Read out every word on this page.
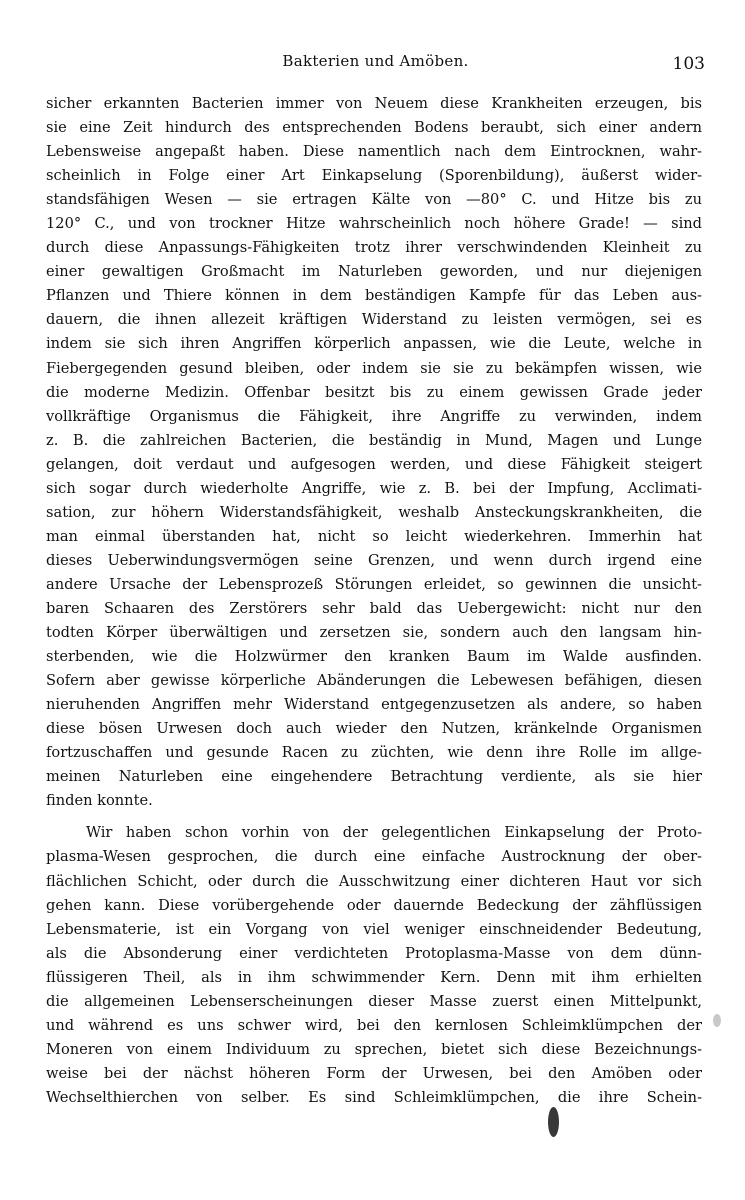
Bakterien und Amöben.	103
sicher erkannten Bacterien immer von Neuem diese Krankheiten erzeugen, bis
sie eine Zeit hindurch des entsprechenden Bodens beraubt, sich einer andern
Lebensweise angepaßt haben. Diese namentlich nach dem Eintrocknen, wahr-
scheinlich in Folge einer Art Einkapselung (Sporenbildung), äußerst wider-
standsfähigen Wesen — sie ertragen Kälte von —80° C. und Hitze bis zu
120° C., und von trockner Hitze wahrscheinlich noch höhere Grade! — sind
durch diese Anpassungs-Fähigkeiten trotz ihrer verschwindenden Kleinheit zu
einer gewaltigen Großmacht im Naturleben geworden, und nur diejenigen
Pflanzen und Thiere können in dem beständigen Kampfe für das Leben aus-
dauern, die ihnen allezeit kräftigen Widerstand zu leisten vermögen, sei es
indem sie sich ihren Angriffen körperlich anpassen, wie die Leute, welche in
Fiebergegenden gesund bleiben, oder indem sie sie zu bekämpfen wissen, wie
die moderne Medizin. Offenbar besitzt bis zu einem gewissen Grade jeder
vollkräftige Organismus die Fähigkeit, ihre Angriffe zu verwinden, indem
z. B. die zahlreichen Bacterien, die beständig in Mund, Magen und Lunge
gelangen, doit verdaut und aufgesogen werden, und diese Fähigkeit steigert
sich sogar durch wiederholte Angriffe, wie z. B. bei der Impfung, Acclimati-
sation, zur höhern Widerstandsfähigkeit, weshalb Ansteckungskrankheiten, die
man einmal überstanden hat, nicht so leicht wiederkehren. Immerhin hat
dieses Ueberwindungsvermögen seine Grenzen, und wenn durch irgend eine
andere Ursache der Lebensprozeß Störungen erleidet, so gewinnen die unsicht-
baren Schaaren des Zerstörers sehr bald das Uebergewicht: nicht nur den
todten Körper überwältigen und zersetzen sie, sondern auch den langsam hin-
sterbenden, wie die Holzwürmer den kranken Baum im Walde ausfinden.
Sofern aber gewisse körperliche Abänderungen die Lebewesen befähigen, diesen
nieruhenden Angriffen mehr Widerstand entgegenzusetzen als andere, so haben
diese bösen Urwesen doch auch wieder den Nutzen, kränkelnde Organismen
fortzuschaffen und gesunde Racen zu züchten, wie denn ihre Rolle im allge-
meinen Naturleben eine eingehendere Betrachtung verdiente, als sie hier
finden konnte.
Wir haben schon vorhin von der gelegentlichen Einkapselung der Proto-
plasma-Wesen gesprochen, die durch eine einfache Austrocknung der ober-
flächlichen Schicht, oder durch die Ausschwitzung einer dichteren Haut vor sich
gehen kann. Diese vorübergehende oder dauernde Bedeckung der zähflüssigen
Lebensmaterie, ist ein Vorgang von viel weniger einschneidender Bedeutung,
als die Absonderung einer verdichteten Protoplasma-Masse von dem dünn-
flüssigeren Theil, als in ihm schwimmender Kern. Denn mit ihm erhielten
die allgemeinen Lebenserscheinungen dieser Masse zuerst einen Mittelpunkt,
und während es uns schwer wird, bei den kernlosen Schleimklümpchen der
Moneren von einem Individuum zu sprechen, bietet sich diese Bezeichnungs-
weise bei der nächst höheren Form der Urwesen, bei den Amöben oder
Wechselthierchen von selber. Es sind Schleimklümpchen, die ihre Schein-
